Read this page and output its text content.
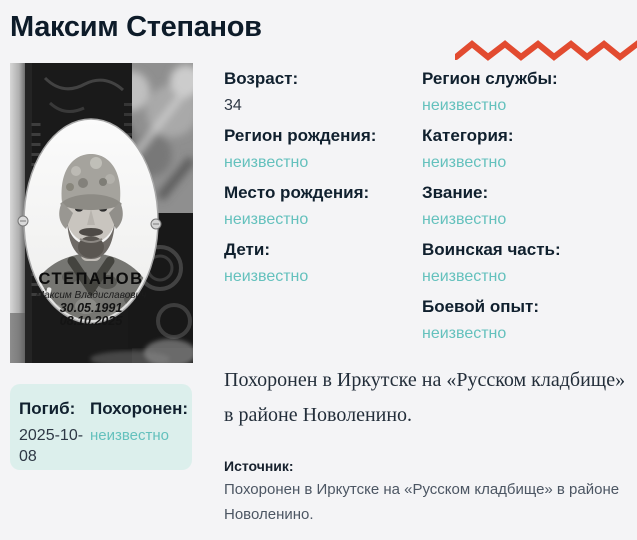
Максим Степанов
СТЕПАНОВ
Максим Владиславович
30.05.1991
08.10.2025
Погиб: Похоронен:
2025-10-08
неизвестно
Возраст:
34
Регион рождения:
неизвестно
Место рождения:
неизвестно
Дети:
неизвестно
Регион службы:
неизвестно
Категория:
неизвестно
Звание:
неизвестно
Воинская часть:
неизвестно
Боевой опыт:
неизвестно

Похоронен в Иркутске на «Русском кладбище» в районе Новоленино.

Источник:
Похоронен в Иркутске на «Русском кладбище» в районе Новоленино.
